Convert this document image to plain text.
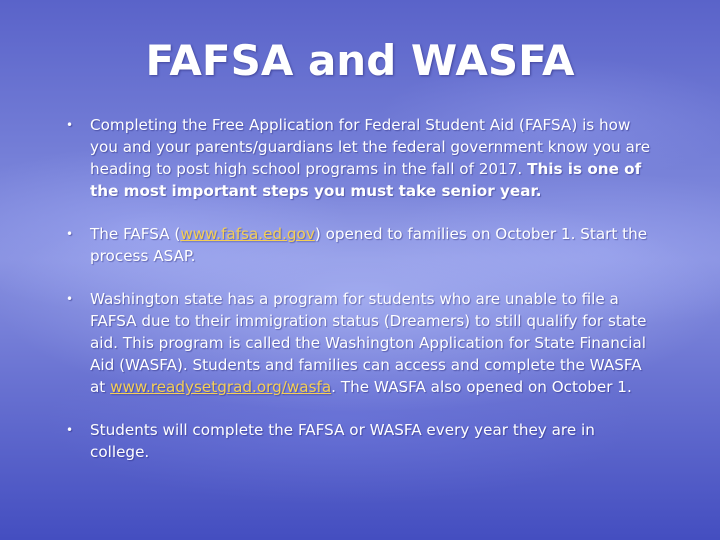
FAFSA and WASFA
• Completing the Free Application for Federal Student Aid (FAFSA) is how you and your parents/guardians let the federal government know you are heading to post high school programs in the fall of 2017. This is one of the most important steps you must take senior year.
• The FAFSA (www.fafsa.ed.gov) opened to families on October 1. Start the process ASAP.
• Washington state has a program for students who are unable to file a FAFSA due to their immigration status (Dreamers) to still qualify for state aid. This program is called the Washington Application for State Financial Aid (WASFA). Students and families can access and complete the WASFA at www.readysetgrad.org/wasfa. The WASFA also opened on October 1.
• Students will complete the FAFSA or WASFA every year they are in college.
